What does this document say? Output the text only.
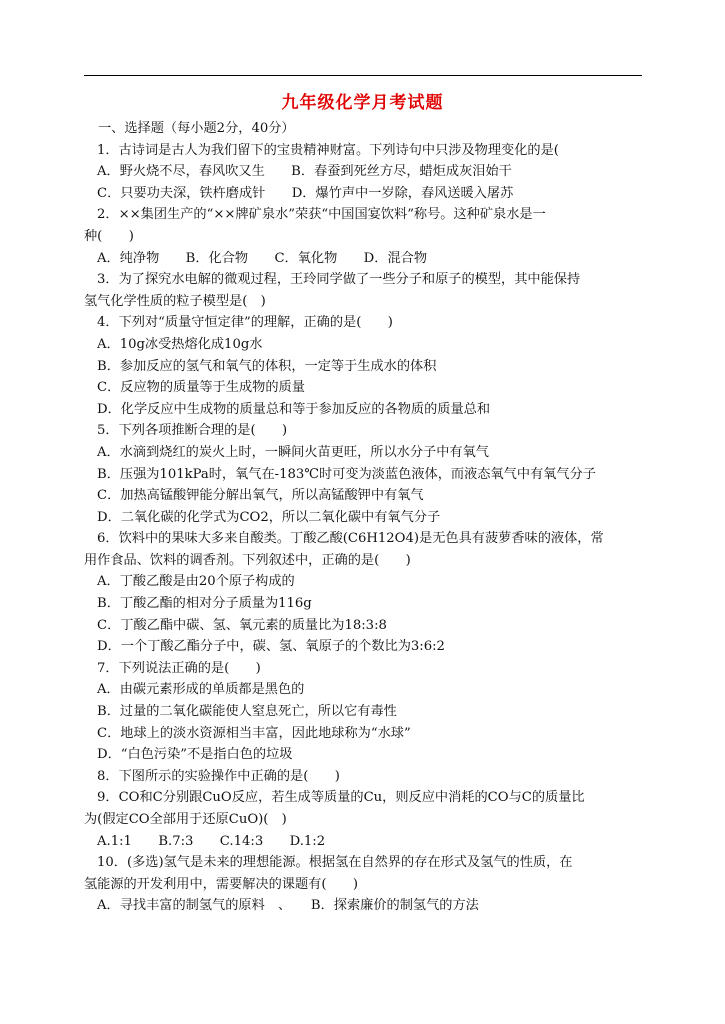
九年级化学月考试题
一、选择题（每小题2分，40分）
1．古诗词是古人为我们留下的宝贵精神财富。下列诗句中只涉及物理变化的是(
A．野火烧不尽，春风吹又生　　B．春蚕到死丝方尽，蜡炬成灰泪始干
C．只要功夫深，铁杵磨成针　　D．爆竹声中一岁除，春风送暖入屠苏
2．××集团生产的“××牌矿泉水”荣获“中国国宴饮料”称号。这种矿泉水是一
种(　　)
A．纯净物　　B．化合物　　C．氧化物　　D．混合物
3．为了探究水电解的微观过程，王玲同学做了一些分子和原子的模型，其中能保持
氢气化学性质的粒子模型是(　)
4．下列对“质量守恒定律”的理解，正确的是(　　)
A．10g冰受热熔化成10g水
B．参加反应的氢气和氧气的体积，一定等于生成水的体积
C．反应物的质量等于生成物的质量
D．化学反应中生成物的质量总和等于参加反应的各物质的质量总和
5．下列各项推断合理的是(　　)
A．水滴到烧红的炭火上时，一瞬间火苗更旺，所以水分子中有氧气
B．压强为101kPa时，氧气在-183℃时可变为淡蓝色液体，而液态氧气中有氧气分子
C．加热高锰酸钾能分解出氧气，所以高锰酸钾中有氧气
D．二氧化碳的化学式为CO2，所以二氧化碳中有氧气分子
6．饮料中的果味大多来自酸类。丁酸乙酸(C6H12O4)是无色具有菠萝香味的液体，常
用作食品、饮料的调香剂。下列叙述中，正确的是(　　)
A．丁酸乙酸是由20个原子构成的
B．丁酸乙酯的相对分子质量为116g
C．丁酸乙酯中碳、氢、氧元素的质量比为18:3:8
D．一个丁酸乙酯分子中，碳、氢、氧原子的个数比为3:6:2
7．下列说法正确的是(　　)
A．由碳元素形成的单质都是黑色的
B．过量的二氧化碳能使人窒息死亡，所以它有毒性
C．地球上的淡水资源相当丰富，因此地球称为“水球”
D．“白色污染”不是指白色的垃圾
8．下图所示的实验操作中正确的是(　　)
9．CO和C分别跟CuO反应，若生成等质量的Cu，则反应中消耗的CO与C的质量比
为(假定CO全部用于还原CuO)(　)
A.1:1　　B.7:3　　C.14:3　　D.1:2
10．(多选)氢气是未来的理想能源。根据氢在自然界的存在形式及氢气的性质，在
氢能源的开发利用中，需要解决的课题有(　　)
A．寻找丰富的制氢气的原料　、　　B．探索廉价的制氢气的方法
